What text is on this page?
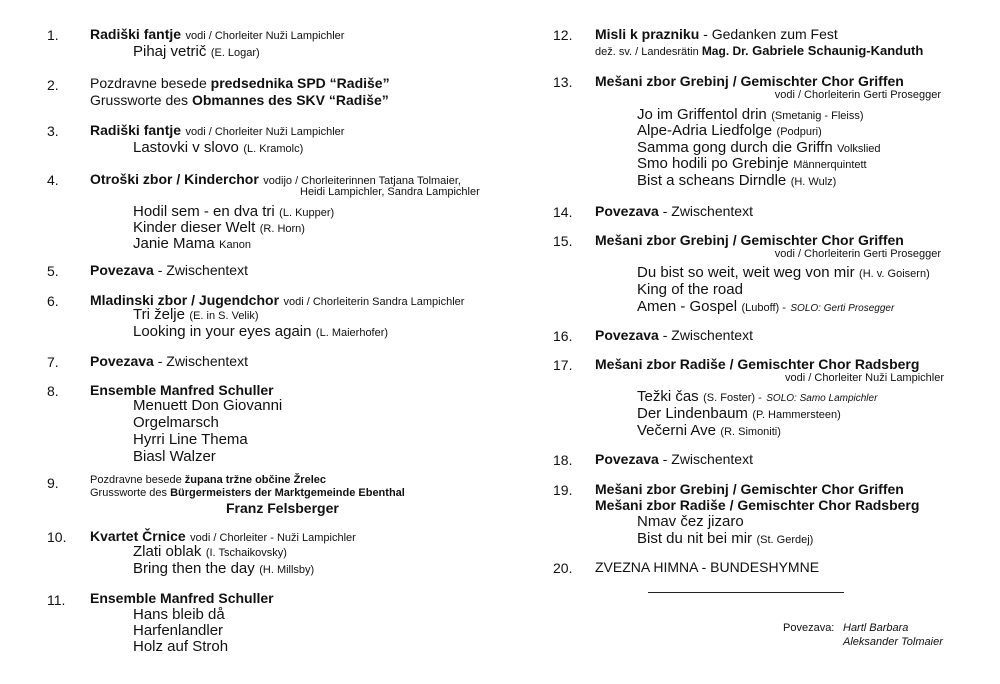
1. Radiški fantje vodi / Chorleiter Nuži Lampichler
Pihaj vetrič (E. Logar)
2. Pozdravne besede predsednika SPD “Radiše”
Grussworte des Obmannes des SKV “Radiše”
3. Radiški fantje vodi / Chorleiter Nuži Lampichler
Lastovki v slovo (L. Kramolc)
4. Otroški zbor / Kinderchor vodijo / Chorleiterinnen Tatjana Tolmaier,
Heidi Lampichler, Sandra Lampichler
Hodil sem - en dva tri (L. Kupper)
Kinder dieser Welt (R. Horn)
Janie Mama Kanon
5. Povezava - Zwischentext
6. Mladinski zbor / Jugendchor vodi / Chorleiterin Sandra Lampichler
Tri želje (E. in S. Velik)
Looking in your eyes again (L. Maierhofer)
7. Povezava - Zwischentext
8. Ensemble Manfred Schuller
Menuett Don Giovanni
Orgelmarsch
Hyrri Line Thema
Biasl Walzer
9.	Pozdravne besede župana tržne občine Žrelec
Grussworte des Bürgermeisters der Marktgemeinde Ebenthal
Franz Felsberger
10. Kvartet Črnice vodi / Chorleiter - Nuži Lampichler
Zlati oblak (I. Tschaikovsky)
Bring then the day (H. Millsby)
11. Ensemble Manfred Schuller
Hans bleib då
Harfenlandler
Holz auf Stroh
12. Misli k prazniku - Gedanken zum Fest
dež. sv. / Landesrätin Mag. Dr. Gabriele Schaunig-Kanduth
13. Mešani zbor Grebinj / Gemischter Chor Griffen
vodi / Chorleiterin Gerti Prosegger
Jo im Griffentol drin (Smetanig - Fleiss)
Alpe-Adria Liedfolge (Podpuri)
Samma gong durch die Griffn Volkslied
Smo hodili po Grebinje Männerquintett
Bist a scheans Dirndle (H. Wulz)
14. Povezava - Zwischentext
15. Mešani zbor Grebinj / Gemischter Chor Griffen
vodi / Chorleiterin Gerti Prosegger
Du bist so weit, weit weg von mir (H. v. Goisern)
King of the road
Amen - Gospel (Luboff) - SOLO: Gerti Prosegger
16. Povezava - Zwischentext
17. Mešani zbor Radiše / Gemischter Chor Radsberg
vodi / Chorleiter Nuži Lampichler
Težki čas (S. Foster) - SOLO: Samo Lampichler
Der Lindenbaum (P. Hammersteen)
Večerni Ave (R. Simoniti)
18. Povezava - Zwischentext
19. Mešani zbor Grebinj / Gemischter Chor Griffen
Mešani zbor Radiše / Gemischter Chor Radsberg
Nmav čez jizaro
Bist du nit bei mir (St. Gerdej)
20. ZVEZNA HIMNA - BUNDESHYMNE
Povezava: Hartl Barbara
Aleksander Tolmaier
